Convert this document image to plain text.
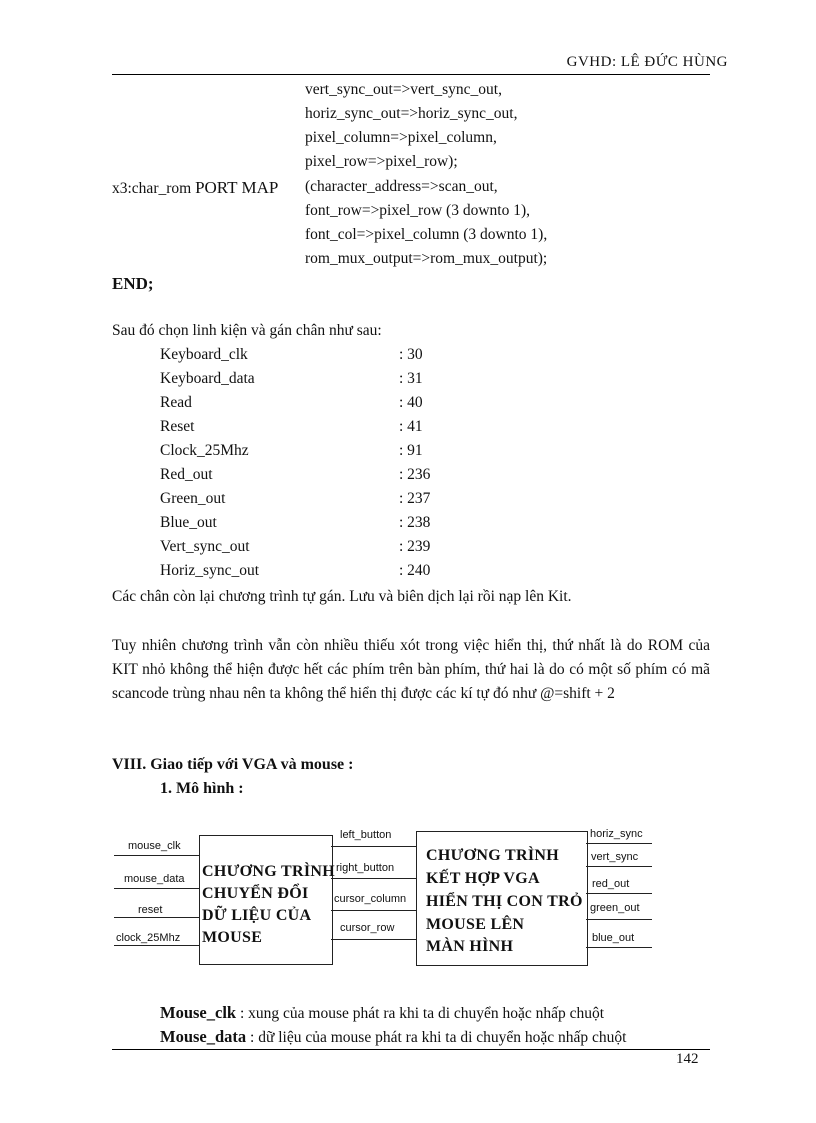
GVHD: LÊ ĐỨC HÙNG
vert_sync_out=>vert_sync_out,
horiz_sync_out=>horiz_sync_out,
pixel_column=>pixel_column,
pixel_row=>pixel_row);
x3:char_rom PORT MAP (character_address=>scan_out,
font_row=>pixel_row (3 downto 1),
font_col=>pixel_column (3 downto 1),
rom_mux_output=>rom_mux_output);
END;
Sau đó chọn linh kiện và gán chân như sau:
Keyboard_clk	: 30
Keyboard_data	: 31
Read	: 40
Reset	: 41
Clock_25Mhz	: 91
Red_out	: 236
Green_out	: 237
Blue_out	: 238
Vert_sync_out	: 239
Horiz_sync_out	: 240
Các chân còn lại chương trình tự gán. Lưu và biên dịch lại rồi nạp lên Kit.
Tuy nhiên chương trình vẫn còn nhiều thiếu xót trong việc hiển thị, thứ nhất là do ROM của KIT nhỏ không thể hiện được hết các phím trên bàn phím, thứ hai là do có một số phím có mã scancode trùng nhau nên ta không thể hiển thị được các kí tự đó như @=shift + 2
VIII. Giao tiếp với VGA và mouse :
1. Mô hình :
mouse_clk
mouse_data
reset
clock_25Mhz
CHƯƠNG TRÌNH
CHUYỂN ĐỔI
DỮ LIỆU CỦA
MOUSE
left_button
right_button
cursor_column
cursor_row
CHƯƠNG TRÌNH
KẾT HỢP VGA
HIỂN THỊ CON TRỎ
MOUSE LÊN
MÀN HÌNH
horiz_sync
vert_sync
red_out
green_out
blue_out
Mouse_clk : xung của mouse phát ra khi ta di chuyển hoặc nhấp chuột
Mouse_data : dữ liệu của mouse phát ra khi ta di chuyển hoặc nhấp chuột
142
